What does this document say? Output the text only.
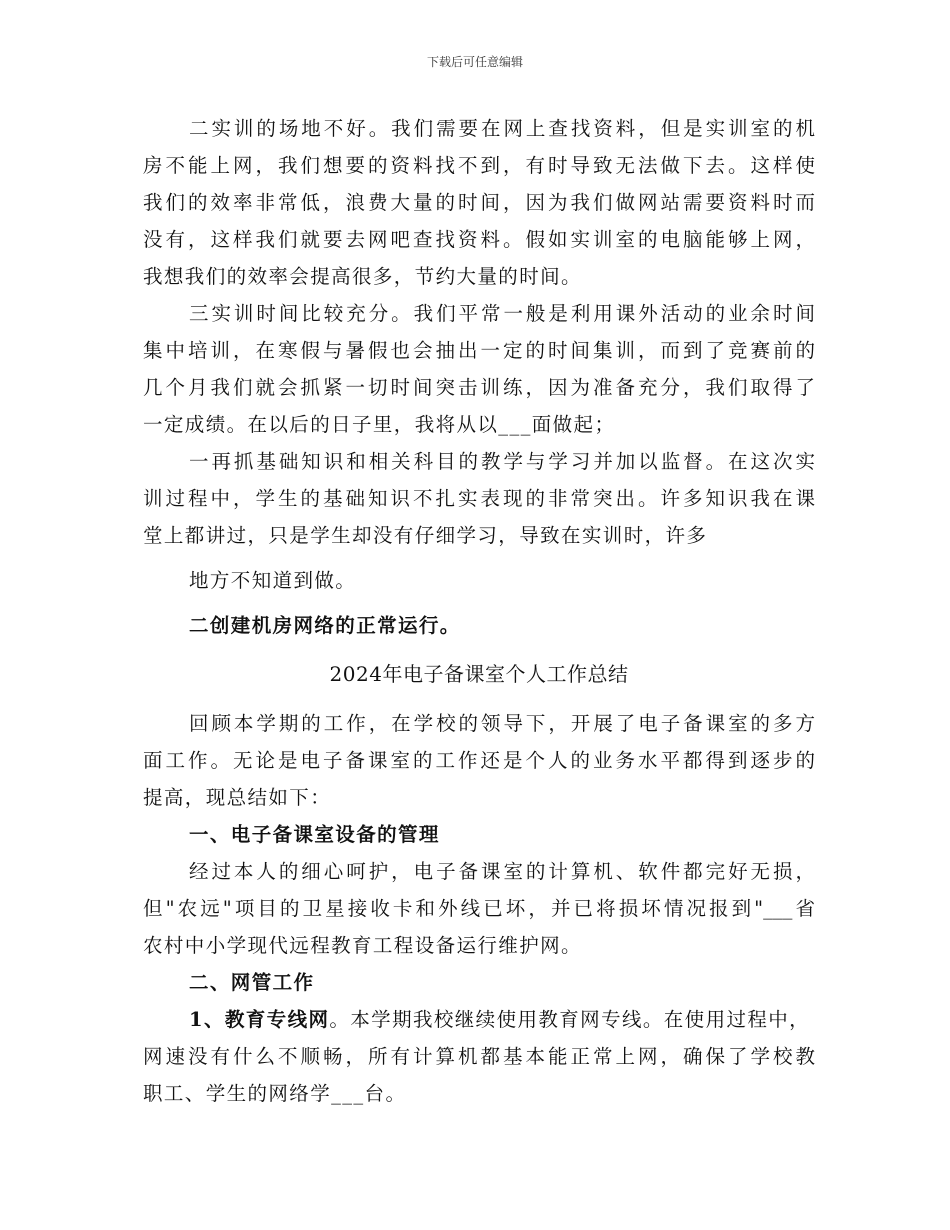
下载后可任意编辑
二实训的场地不好。我们需要在网上查找资料，但是实训室的机
房不能上网，我们想要的资料找不到，有时导致无法做下去。这样使
我们的效率非常低，浪费大量的时间，因为我们做网站需要资料时而
没有，这样我们就要去网吧查找资料。假如实训室的电脑能够上网，
我想我们的效率会提高很多，节约大量的时间。
三实训时间比较充分。我们平常一般是利用课外活动的业余时间
集中培训，在寒假与暑假也会抽出一定的时间集训，而到了竞赛前的
几个月我们就会抓紧一切时间突击训练，因为准备充分，我们取得了
一定成绩。在以后的日子里，我将从以___面做起；
一再抓基础知识和相关科目的教学与学习并加以监督。在这次实
训过程中，学生的基础知识不扎实表现的非常突出。许多知识我在课
堂上都讲过，只是学生却没有仔细学习，导致在实训时，许多
地方不知道到做。
二创建机房网络的正常运行。
2024年电子备课室个人工作总结
回顾本学期的工作，在学校的领导下，开展了电子备课室的多方
面工作。无论是电子备课室的工作还是个人的业务水平都得到逐步的
提高，现总结如下：
一、电子备课室设备的管理
经过本人的细心呵护，电子备课室的计算机、软件都完好无损，
但"农远"项目的卫星接收卡和外线已坏，并已将损坏情况报到"___省
农村中小学现代远程教育工程设备运行维护网。
二、网管工作
1、教育专线网。本学期我校继续使用教育网专线。在使用过程中，
网速没有什么不顺畅，所有计算机都基本能正常上网，确保了学校教
职工、学生的网络学___台。
